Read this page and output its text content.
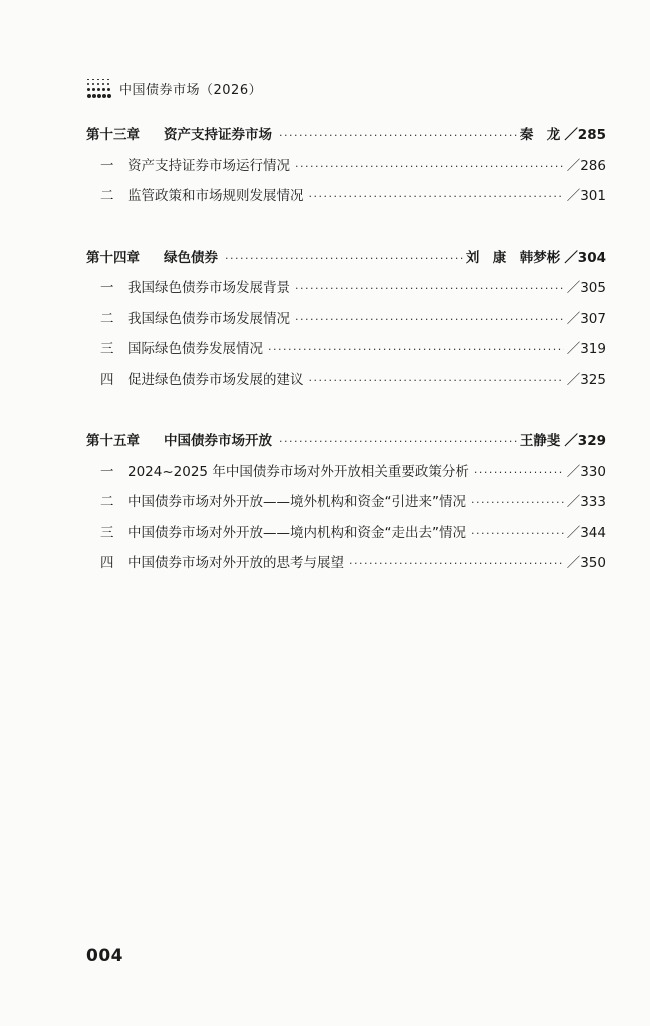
中国债券市场（2026）
第十三章	资产支持证券市场 ·····	秦　龙 ／285
一	资产支持证券市场运行情况 ·····	／286
二	监管政策和市场规则发展情况 ·····	／301
第十四章	绿色债券 ·····	刘　康　韩梦彬 ／304
一	我国绿色债券市场发展背景 ·····	／305
二	我国绿色债券市场发展情况 ·····	／307
三	国际绿色债券发展情况 ·····	／319
四	促进绿色债券市场发展的建议 ·····	／325
第十五章	中国债券市场开放 ·····	王静斐 ／329
一	2024~2025 年中国债券市场对外开放相关重要政策分析 ·····	／330
二	中国债券市场对外开放——境外机构和资金“引进来”情况 ·····	／333
三	中国债券市场对外开放——境内机构和资金“走出去”情况 ·····	／344
四	中国债券市场对外开放的思考与展望 ·····	／350
004
